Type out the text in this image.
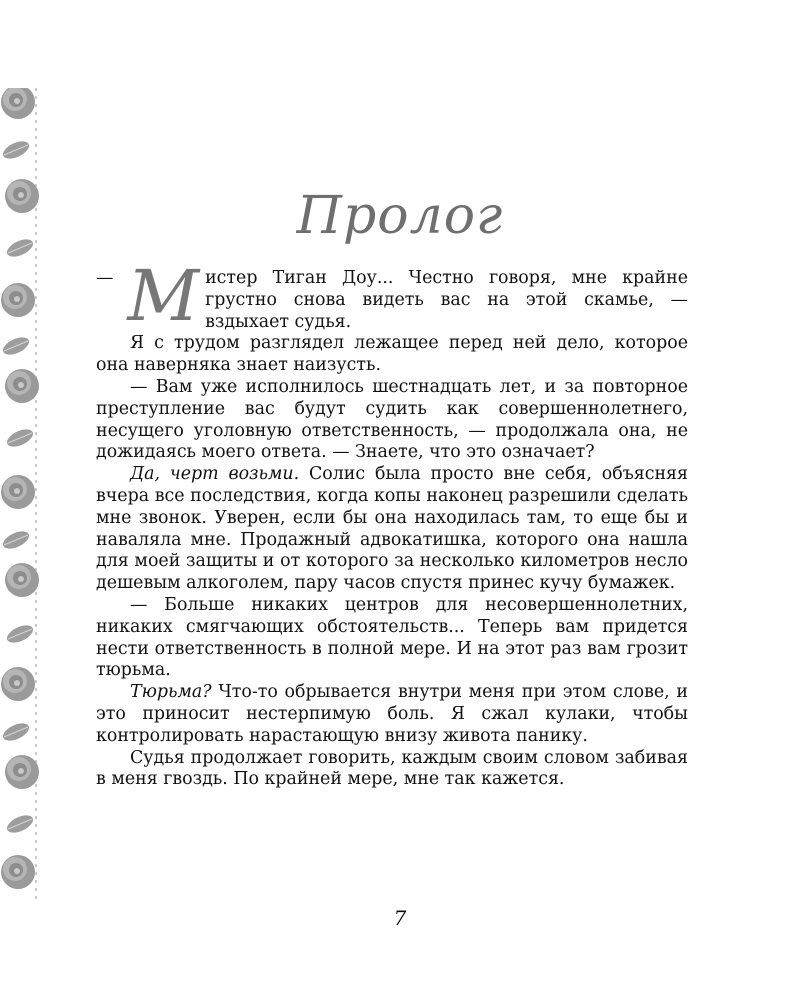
Пролог

— М истер Тиган Доу... Честно говоря, мне крайне грустно снова видеть вас на этой скамье, — вздыхает судья.

Я с трудом разглядел лежащее перед ней дело, которое она наверняка знает наизусть.

— Вам уже исполнилось шестнадцать лет, и за повторное преступление вас будут судить как совершеннолетнего, несущего уголовную ответственность, — продолжала она, не дожидаясь моего ответа. — Знаете, что это означает?

Да, черт возьми. Солис была просто вне себя, объясняя вчера все последствия, когда копы наконец разрешили сделать мне звонок. Уверен, если бы она находилась там, то еще бы и наваляла мне. Продажный адвокатишка, которого она нашла для моей защиты и от которого за несколько километров несло дешевым алкоголем, пару часов спустя принес кучу бумажек.

— Больше никаких центров для несовершеннолетних, никаких смягчающих обстоятельств... Теперь вам придется нести ответственность в полной мере. И на этот раз вам грозит тюрьма.

Тюрьма? Что-то обрывается внутри меня при этом слове, и это приносит нестерпимую боль. Я сжал кулаки, чтобы контролировать нарастающую внизу живота панику.

Судья продолжает говорить, каждым своим словом забивая в меня гвоздь. По крайней мере, мне так кажется.

7
